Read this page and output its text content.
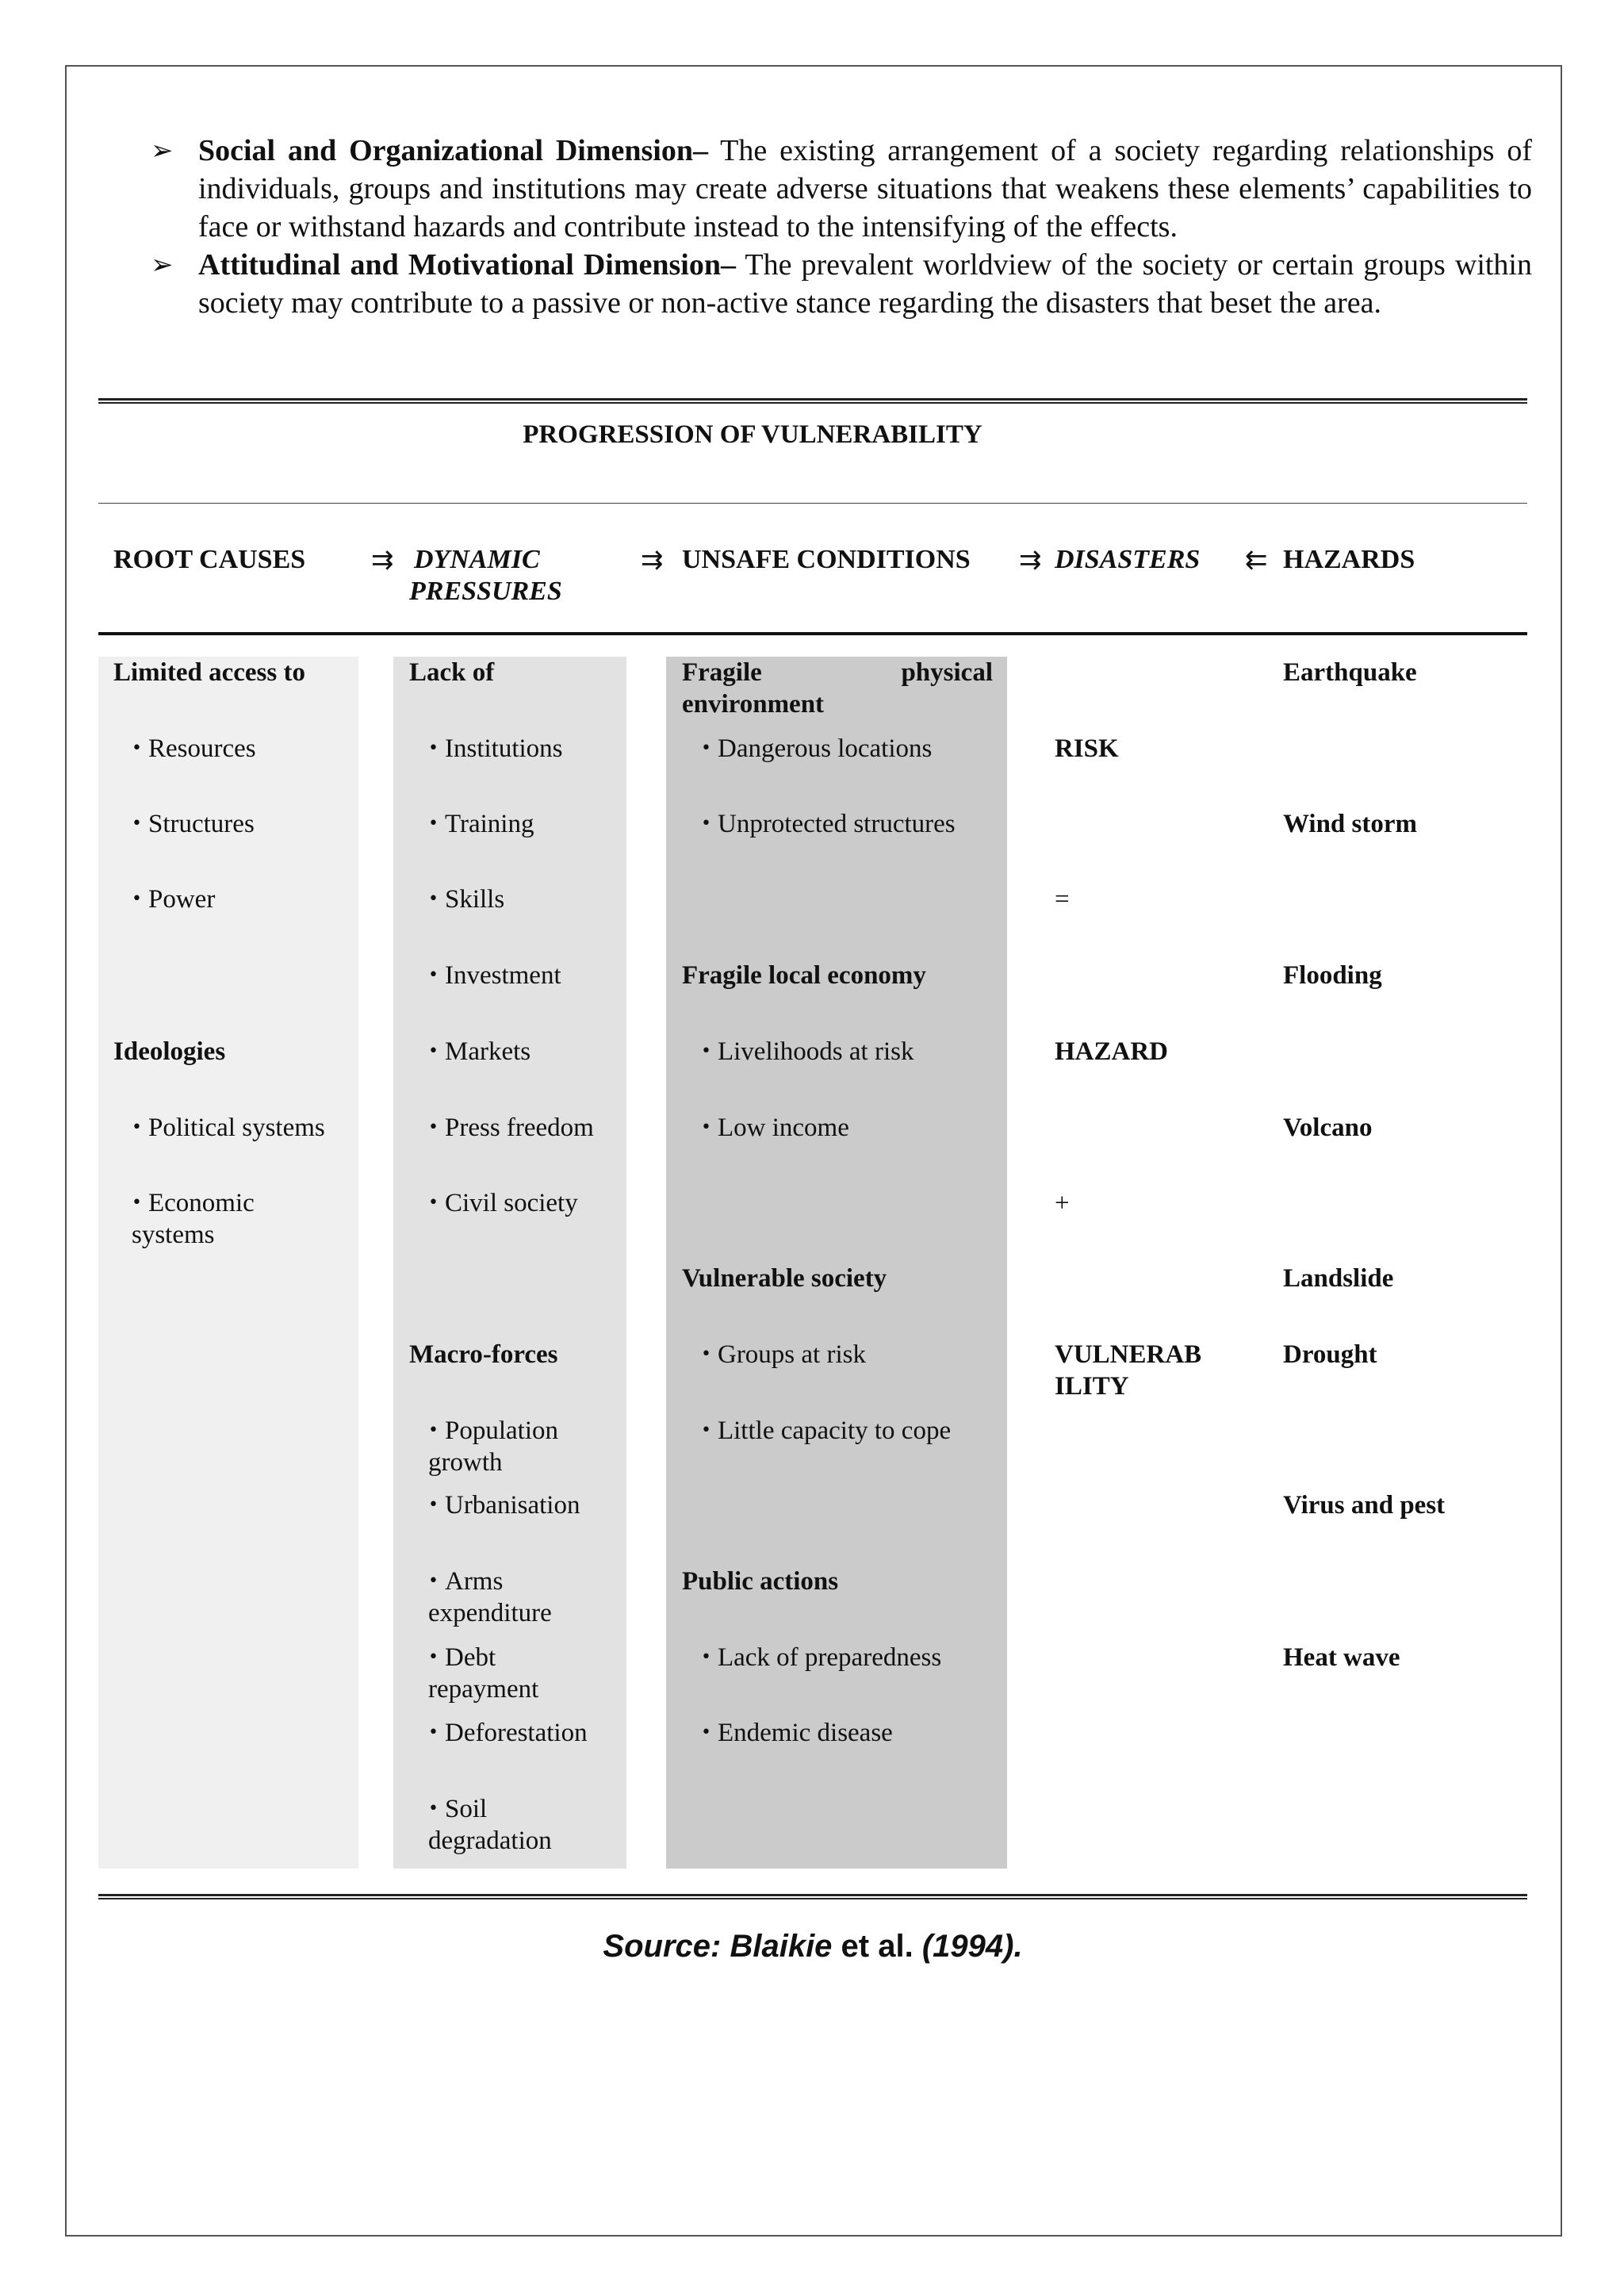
➢ Social and Organizational Dimension– The existing arrangement of a society regarding relationships of individuals, groups and institutions may create adverse situations that weakens these elements’ capabilities to face or withstand hazards and contribute instead to the intensifying of the effects.
➢ Attitudinal and Motivational Dimension– The prevalent worldview of the society or certain groups within society may contribute to a passive or non-active stance regarding the disasters that beset the area.
PROGRESSION OF VULNERABILITY
ROOT CAUSES ⇉ DYNAMIC
PRESSURES
⇉ UNSAFE CONDITIONS ⇉ DISASTERS ⇇ HAZARDS
Limited access to
• Resources
• Structures
• Power
Ideologies
• Political systems
• Economic
systems
Lack of
• Institutions
• Training
• Skills
• Investment
• Markets
• Press freedom
• Civil society
Macro-forces
• Population
growth
• Urbanisation
• Arms
expenditure
• Debt
repayment
• Deforestation
• Soil
degradation
Fragile	physical
environment
• Dangerous locations
• Unprotected structures
Fragile local economy
• Livelihoods at risk
• Low income
Vulnerable society
• Groups at risk
• Little capacity to cope
Public actions
• Lack of preparedness
• Endemic disease
RISK
=
HAZARD
+
VULNERAB
ILITY
Earthquake
Wind storm
Flooding
Volcano
Landslide
Drought
Virus and pest
Heat wave
Source: Blaikie et al. (1994).
